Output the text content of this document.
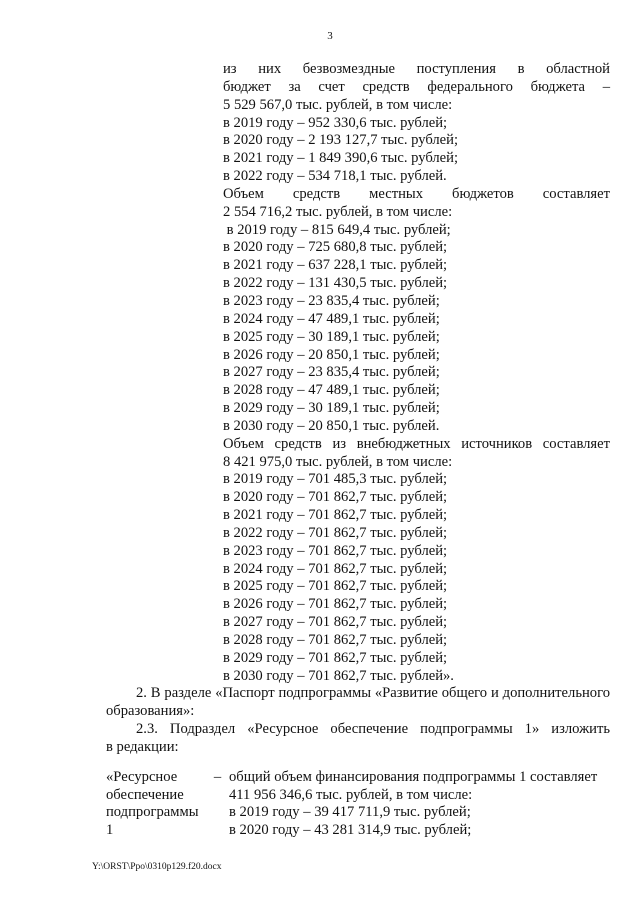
3
из них безвозмездные поступления в областной
бюджет за счет средств федерального бюджета –
5 529 567,0 тыс. рублей, в том числе:
в 2019 году – 952 330,6 тыс. рублей;
в 2020 году – 2 193 127,7 тыс. рублей;
в 2021 году – 1 849 390,6 тыс. рублей;
в 2022 году – 534 718,1 тыс. рублей.
Объем средств местных бюджетов составляет
2 554 716,2 тыс. рублей, в том числе:
в 2019 году – 815 649,4 тыс. рублей;
в 2020 году – 725 680,8 тыс. рублей;
в 2021 году – 637 228,1 тыс. рублей;
в 2022 году – 131 430,5 тыс. рублей;
в 2023 году – 23 835,4 тыс. рублей;
в 2024 году – 47 489,1 тыс. рублей;
в 2025 году – 30 189,1 тыс. рублей;
в 2026 году – 20 850,1 тыс. рублей;
в 2027 году – 23 835,4 тыс. рублей;
в 2028 году – 47 489,1 тыс. рублей;
в 2029 году – 30 189,1 тыс. рублей;
в 2030 году – 20 850,1 тыс. рублей.
Объем средств из внебюджетных источников составляет
8 421 975,0 тыс. рублей, в том числе:
в 2019 году – 701 485,3 тыс. рублей;
в 2020 году – 701 862,7 тыс. рублей;
в 2021 году – 701 862,7 тыс. рублей;
в 2022 году – 701 862,7 тыс. рублей;
в 2023 году – 701 862,7 тыс. рублей;
в 2024 году – 701 862,7 тыс. рублей;
в 2025 году – 701 862,7 тыс. рублей;
в 2026 году – 701 862,7 тыс. рублей;
в 2027 году – 701 862,7 тыс. рублей;
в 2028 году – 701 862,7 тыс. рублей;
в 2029 году – 701 862,7 тыс. рублей;
в 2030 году – 701 862,7 тыс. рублей».
2. В разделе «Паспорт подпрограммы «Развитие общего и дополнительного
образования»:
2.3. Подраздел «Ресурсное обеспечение подпрограммы 1» изложить
в редакции:
«Ресурсное
обеспечение
подпрограммы 1
– общий объем финансирования подпрограммы 1 составляет
411 956 346,6 тыс. рублей, в том числе:
в 2019 году – 39 417 711,9 тыс. рублей;
в 2020 году – 43 281 314,9 тыс. рублей;
Y:\ORST\Ppo\0310p129.f20.docx
